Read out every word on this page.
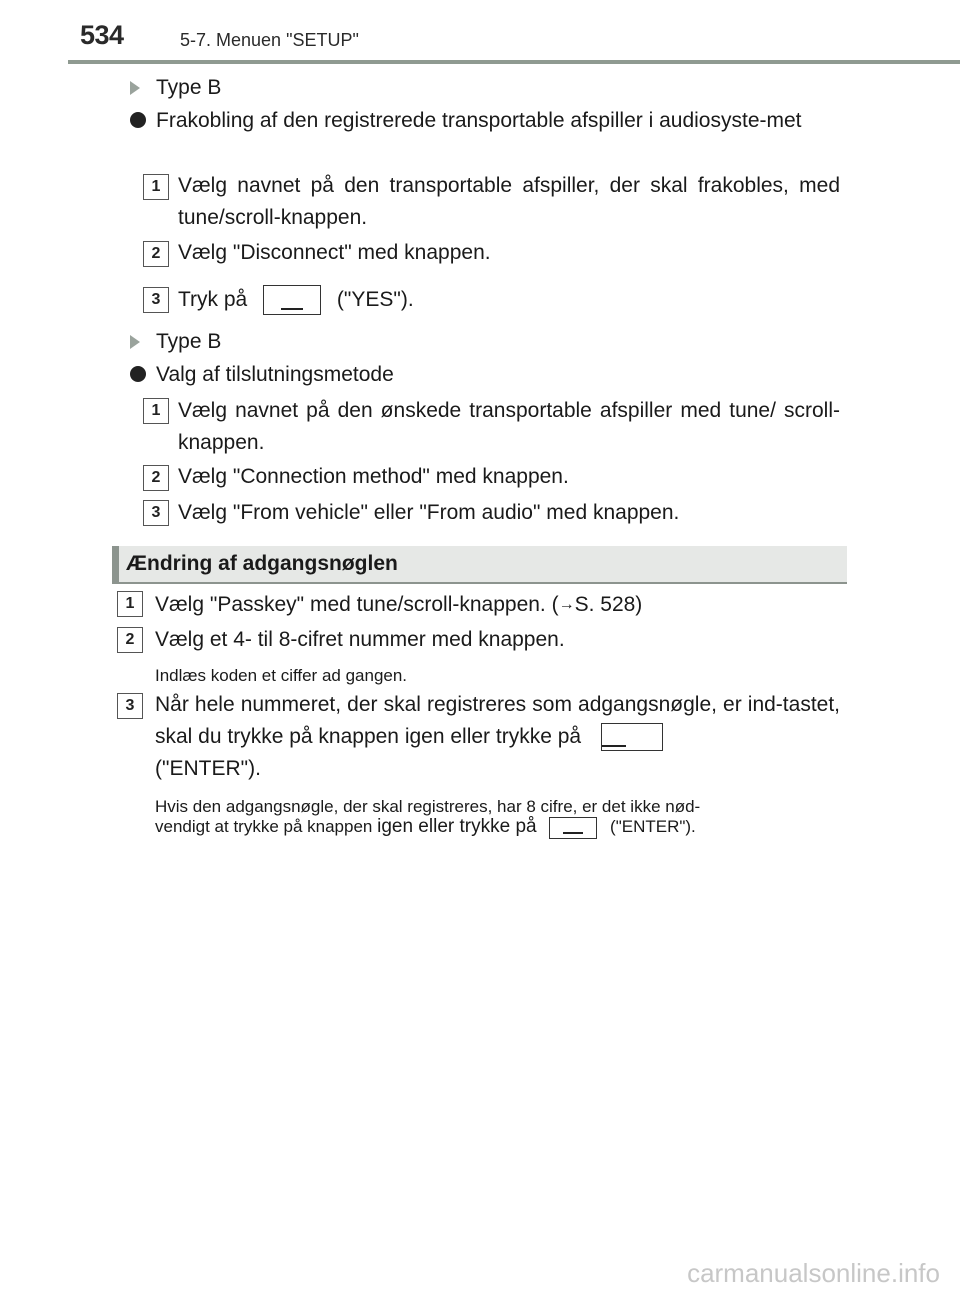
534	5-7. Menuen "SETUP"
Type B
Frakobling af den registrerede transportable afspiller i audiosyste-met
1 Vælg navnet på den transportable afspiller, der skal frakobles, med tune/scroll-knappen.
2 Vælg "Disconnect" med knappen.
3 Tryk på	("YES").
Type B
Valg af tilslutningsmetode
1 Vælg navnet på den ønskede transportable afspiller med tune/ scroll-knappen.
2 Vælg "Connection method" med knappen.
3 Vælg "From vehicle" eller "From audio" med knappen.
Ændring af adgangsnøglen
1 Vælg "Passkey" med tune/scroll-knappen. (→S. 528)
2 Vælg et 4- til 8-cifret nummer med knappen.
Indlæs koden et ciffer ad gangen.
3 Når hele nummeret, der skal registreres som adgangsnøgle, er ind-tastet, skal du trykke på knappen igen eller trykke på
("ENTER").
Hvis den adgangsnøgle, der skal registreres, har 8 cifre, er det ikke nød-
vendigt at trykke på knappen igen eller trykke på	("ENTER").
carmanualsonline.info
